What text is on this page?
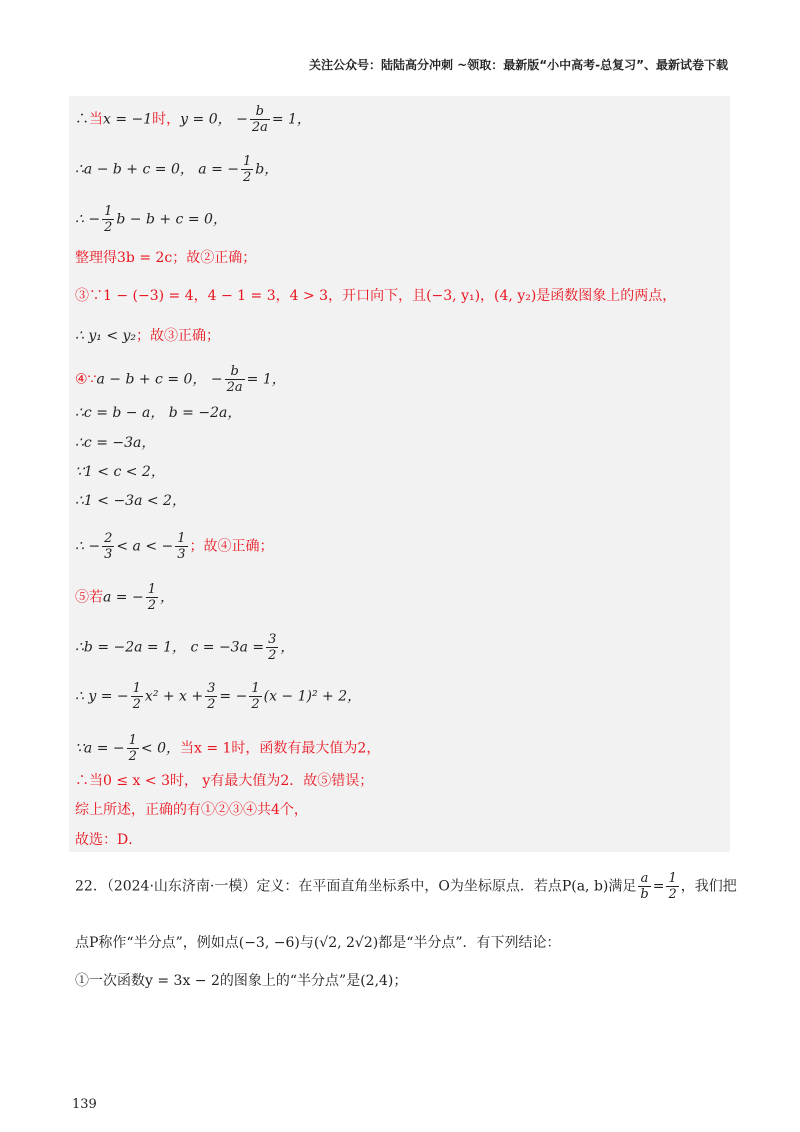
关注公众号：陆陆高分冲刺 ~领取：最新版“小中高考-总复习”、最新试卷下载
∴当x = −1时，y = 0， − $\frac{b}{2a} = 1$，
∴a − b + c = 0， a = − $\frac{1}{2}$ b，
∴ − $\frac{1}{2}$ b − b + c = 0，
整理得3b = 2c；故②正确；
③∵1 − (−3) = 4，4 − 1 = 3，4 > 3，开口向下，且(−3, y₁)，(4, y₂)是函数图象上的两点，
∴ y₁ < y₂；故③正确；
④∵a − b + c = 0， − $\frac{b}{2a} = 1$，
∴c = b − a， b = −2a，
∴c = −3a，
∵1 < c < 2，
∴1 < −3a < 2，
∴ − $\frac{2}{3} < a$ < − $\frac{1}{3}$ ；故④正确；
⑤若a = − $\frac{1}{2}$ ，
∴b = −2a = 1， $c = -3a = \frac{3}{2}$ ，
∴ y = − $\frac{1}{2} x^2 + x + \frac{3}{2}$ = − $\frac{1}{2} (x - 1)^2 + 2$，
∵a = − $\frac{1}{2} < 0$，当x = 1时，函数有最大值为2，
∴当0 ≤ x < 3时， y有最大值为2．故⑤错误；
综上所述，正确的有①②③④共4个，
故选：D．
22．（2024·山东济南·一模）定义：在平面直角坐标系中，O为坐标原点．若点P(a, b)满足 $\frac{a}{b} = \frac{1}{2}$ ，我们把
点P称作“半分点”，例如点(−3, −6)与(√2, 2√2)都是“半分点”．有下列结论：
①一次函数y = 3x − 2的图象上的“半分点”是(2,4)；
139
